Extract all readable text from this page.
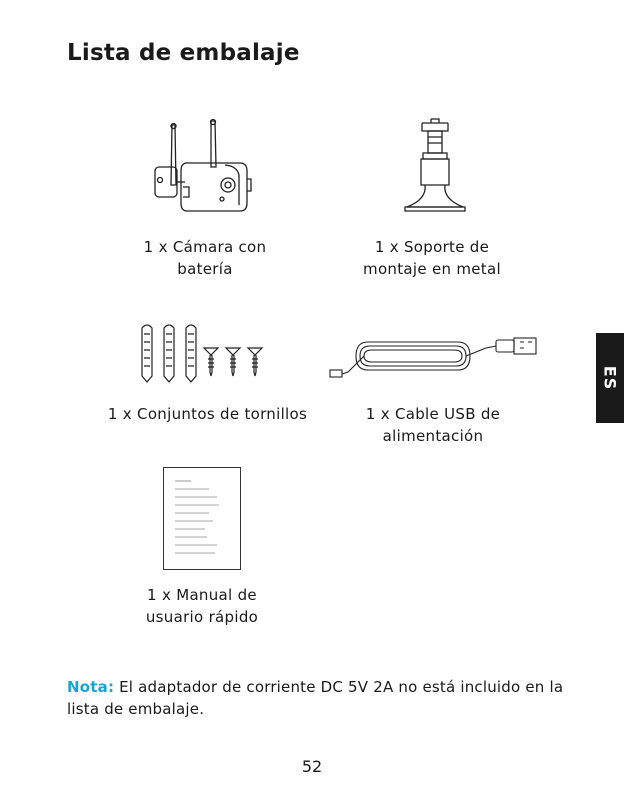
Lista de embalaje
1 x Cámara con
batería
1 x Soporte de
montaje en metal
1 x Conjuntos de tornillos	1 x Cable USB de
alimentación
1 x Manual de
usuario rápido
ES
Nota: El adaptador de corriente DC 5V 2A no está incluido en la lista de embalaje.
52
